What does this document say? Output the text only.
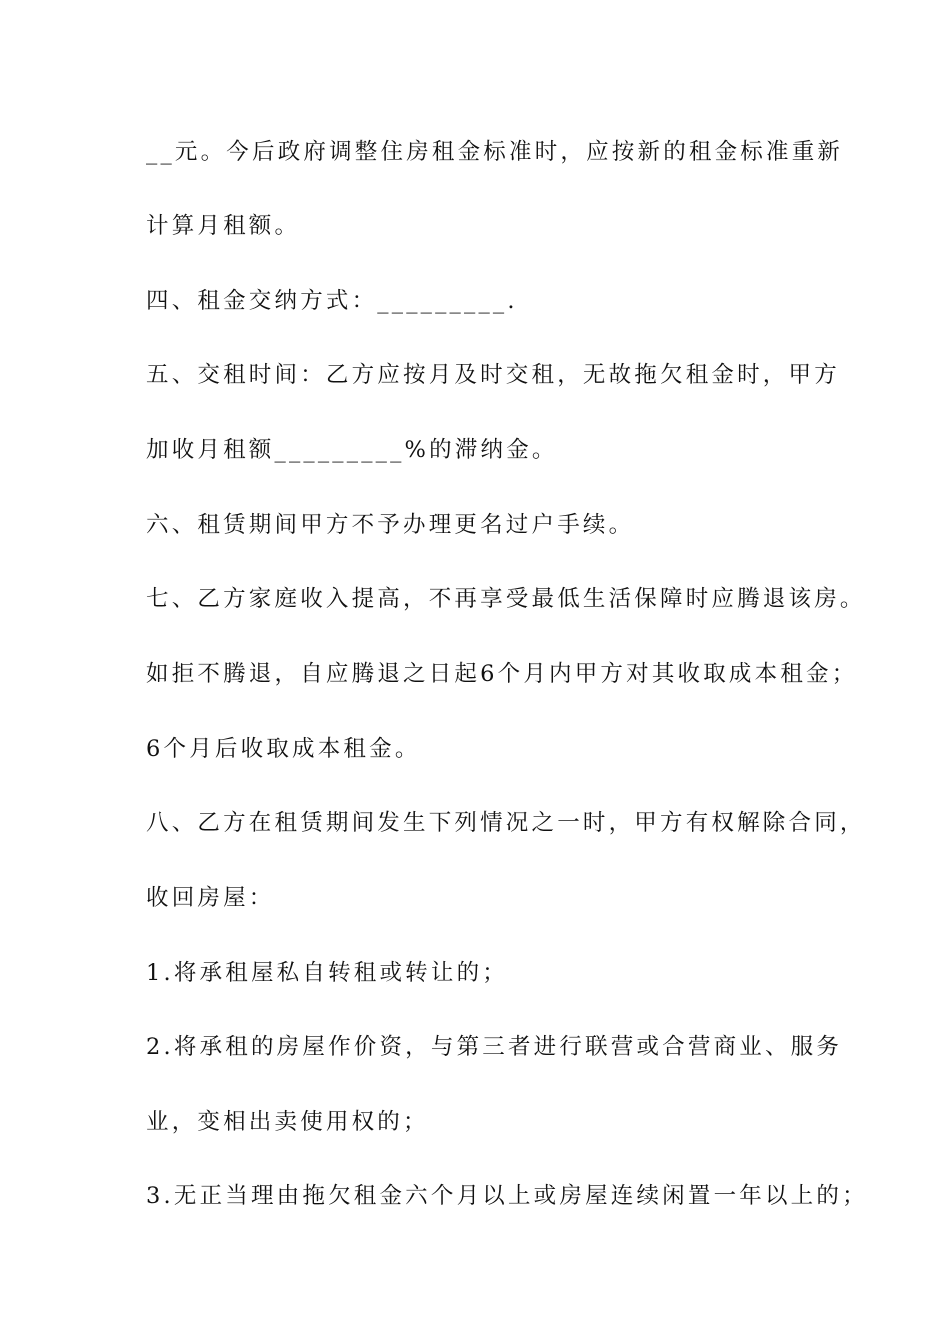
__元。今后政府调整住房租金标准时，应按新的租金标准重新
计算月租额。
四、租金交纳方式：_________.
五、交租时间：乙方应按月及时交租，无故拖欠租金时，甲方
加收月租额_________%的滞纳金。
六、租赁期间甲方不予办理更名过户手续。
七、乙方家庭收入提高，不再享受最低生活保障时应腾退该房。
如拒不腾退，自应腾退之日起6个月内甲方对其收取成本租金；
6个月后收取成本租金。
八、乙方在租赁期间发生下列情况之一时，甲方有权解除合同，
收回房屋：
1.将承租屋私自转租或转让的；
2.将承租的房屋作价资，与第三者进行联营或合营商业、服务
业，变相出卖使用权的；
3.无正当理由拖欠租金六个月以上或房屋连续闲置一年以上的；
